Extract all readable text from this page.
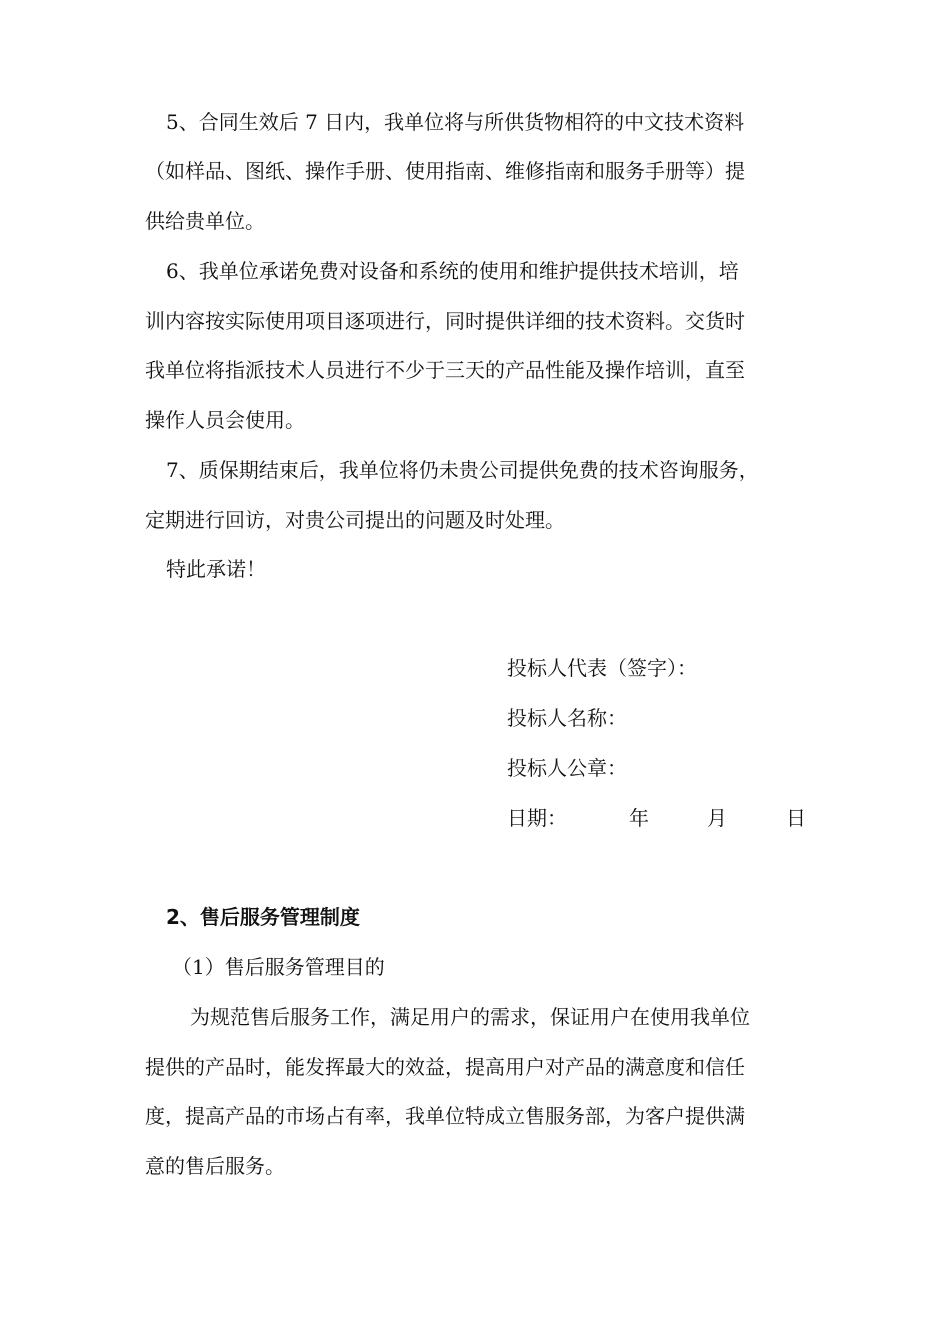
5、合同生效后 7 日内，我单位将与所供货物相符的中文技术资料
（如样品、图纸、操作手册、使用指南、维修指南和服务手册等）提
供给贵单位。
6、我单位承诺免费对设备和系统的使用和维护提供技术培训，培
训内容按实际使用项目逐项进行，同时提供详细的技术资料。交货时
我单位将指派技术人员进行不少于三天的产品性能及操作培训，直至
操作人员会使用。
7、质保期结束后，我单位将仍未贵公司提供免费的技术咨询服务，
定期进行回访，对贵公司提出的问题及时处理。
特此承诺！
投标人代表（签字）：
投标人名称：
投标人公章：
日期：	年	月	日
2、售后服务管理制度
（1）售后服务管理目的
为规范售后服务工作，满足用户的需求，保证用户在使用我单位
提供的产品时，能发挥最大的效益，提高用户对产品的满意度和信任
度，提高产品的市场占有率，我单位特成立售服务部，为客户提供满
意的售后服务。
